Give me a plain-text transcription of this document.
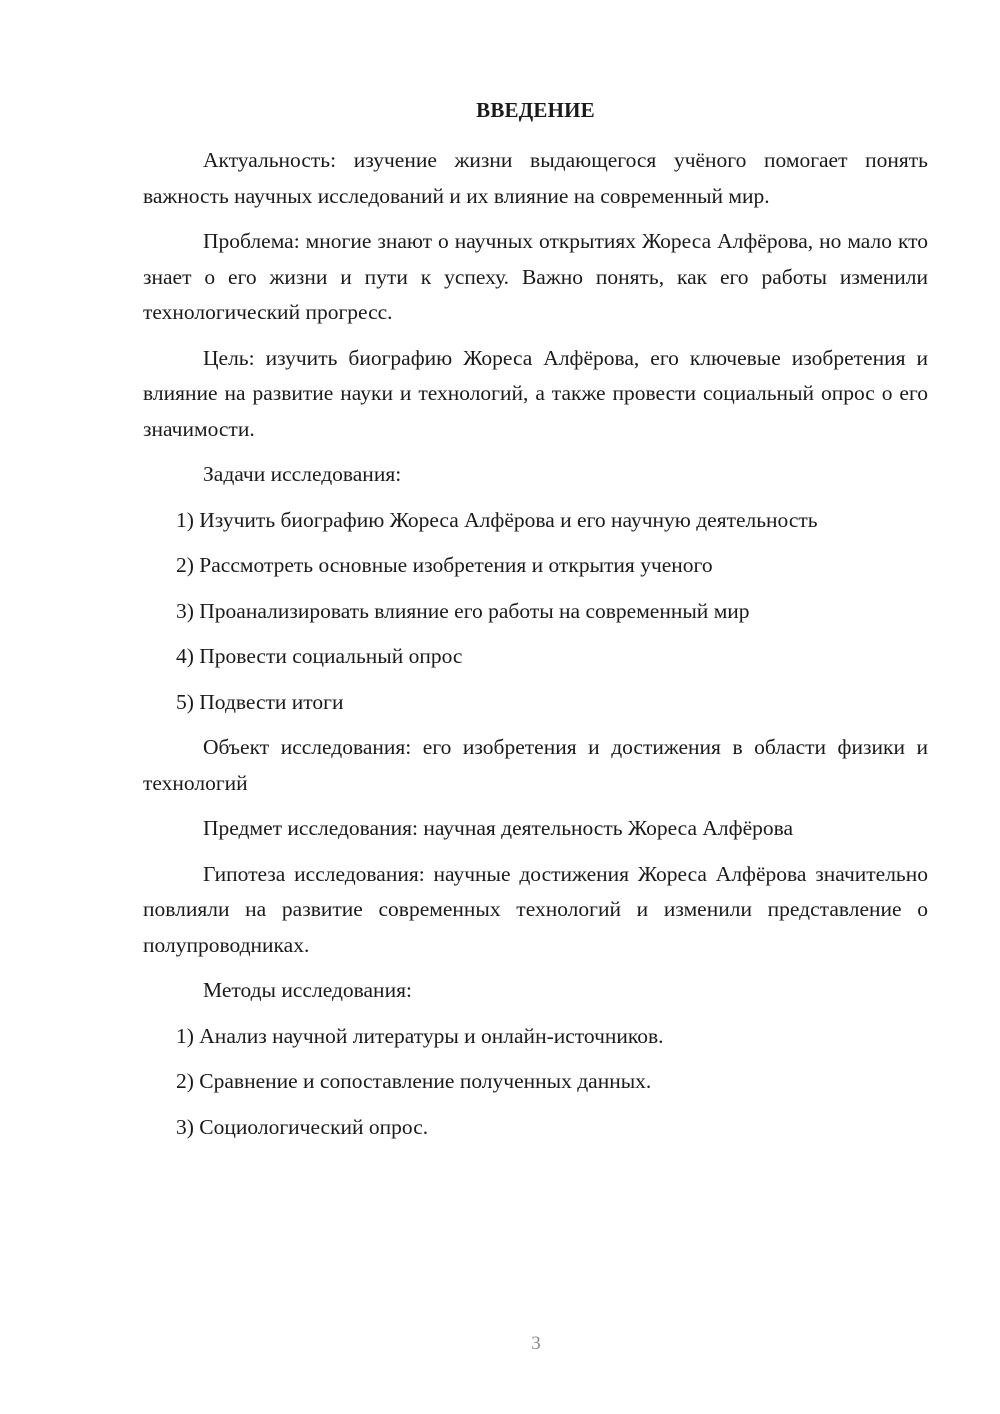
ВВЕДЕНИЕ

Актуальность: изучение жизни выдающегося учёного помогает понять важность научных исследований и их влияние на современный мир.

Проблема: многие знают о научных открытиях Жореса Алфёрова, но мало кто знает о его жизни и пути к успеху. Важно понять, как его работы изменили технологический прогресс.

Цель: изучить биографию Жореса Алфёрова, его ключевые изобретения и влияние на развитие науки и технологий, а также провести социальный опрос о его значимости.

Задачи исследования:

1) Изучить биографию Жореса Алфёрова и его научную деятельность
2) Рассмотреть основные изобретения и открытия ученого
3) Проанализировать влияние его работы на современный мир
4) Провести социальный опрос
5) Подвести итоги

Объект исследования: его изобретения и достижения в области физики и технологий

Предмет исследования: научная деятельность Жореса Алфёрова

Гипотеза исследования: научные достижения Жореса Алфёрова значительно повлияли на развитие современных технологий и изменили представление о полупроводниках.

Методы исследования:

1) Анализ научной литературы и онлайн-источников.
2) Сравнение и сопоставление полученных данных.
3) Социологический опрос.
3
